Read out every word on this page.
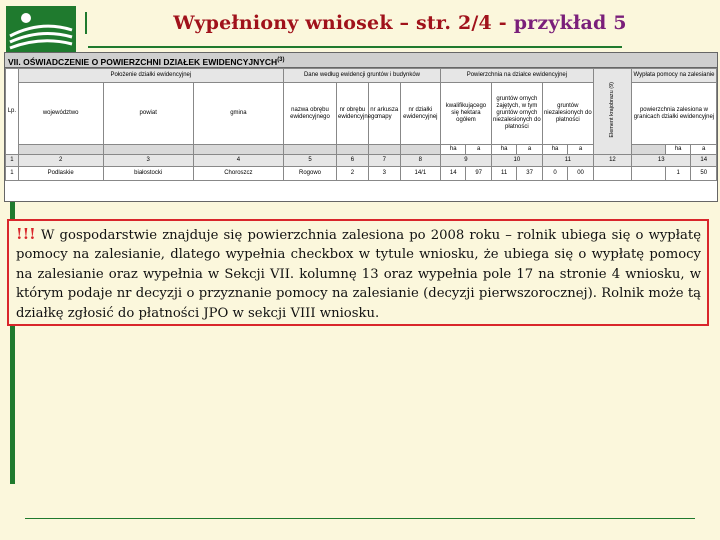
Wypełniony wniosek – str. 2/4 - przykład 5
VII. OŚWIADCZENIE O POWIERZCHNI DZIAŁEK EWIDENCYJNYCH$^{(3)}$
Lp.	Położenie działki ewidencyjnej			Dane według ewidencji gruntów i budynków				Powierzchnia na działce ewidencyjnej						Element krajobrazu (9)	Wypłata pomocy na zalesianie		
	województwo	powiat	gmina	nazwa obrębu ewidencyjnego	nr obrębu ewidencyjnego	nr arkusza mapy	nr działki ewidencyjnej	kwalifikującego się hektara ogółem		gruntów ornych zajętych, w tym gruntów ornych niezalesionych do płatności		gruntów niezalesionych do płatności			powierzchnia zalesiona w granicach działki ewidencyjnej		
								ha	a	ha	a	ha	a			ha	a
1	2	3	4	5	6	7	8	9		10		11		12	13		14
1	Podlaskie	białostocki	Choroszcz	Rogowo	2	3	14/1	14	97	11	37	0	00			1	50
!!! W gospodarstwie znajduje się powierzchnia zalesiona po 2008 roku – rolnik ubiega się o wypłatę pomocy na zalesianie, dlatego wypełnia checkbox w tytule wniosku, że ubiega się o wypłatę pomocy na zalesianie oraz wypełnia w Sekcji VII. kolumnę 13 oraz wypełnia pole 17 na stronie 4 wniosku, w którym podaje nr decyzji o przyznanie pomocy na zalesianie (decyzji pierwszorocznej). Rolnik może tą działkę zgłosić do płatności JPO w sekcji VIII wniosku.
